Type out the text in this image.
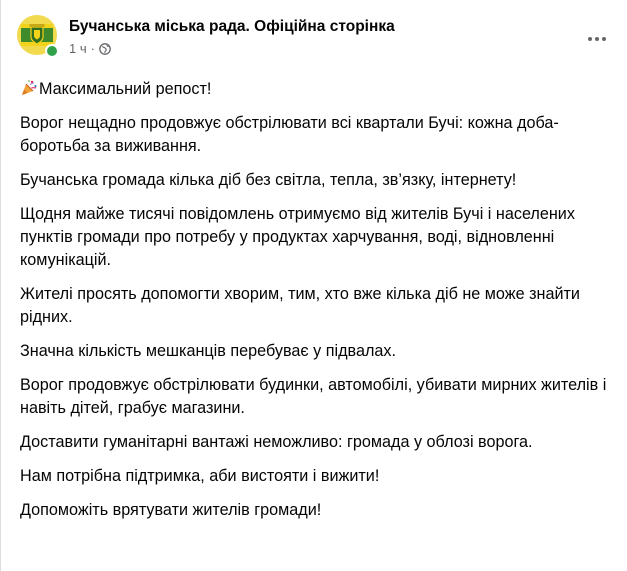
Бучанська міська рада. Офіційна сторінка
1 ч ·

Максимальний репост!

Ворог нещадно продовжує обстрілювати всі квартали Бучі: кожна доба- боротьба за виживання.

Бучанська громада кілька діб без світла, тепла, зв’язку, інтернету!

Щодня майже тисячі повідомлень отримуємо від жителів Бучі і населених пунктів громади про потребу у продуктах харчування, воді, відновленні комунікацій.

Жителі просять допомогти хворим, тим, хто вже кілька діб не може знайти рідних.

Значна кількість мешканців перебуває у підвалах.

Ворог продовжує обстрілювати будинки, автомобілі, убивати мирних жителів і навіть дітей, грабує магазини.

Доставити гуманітарні вантажі неможливо: громада у облозі ворога.

Нам потрібна підтримка, аби вистояти і вижити!

Допоможіть врятувати жителів громади!
